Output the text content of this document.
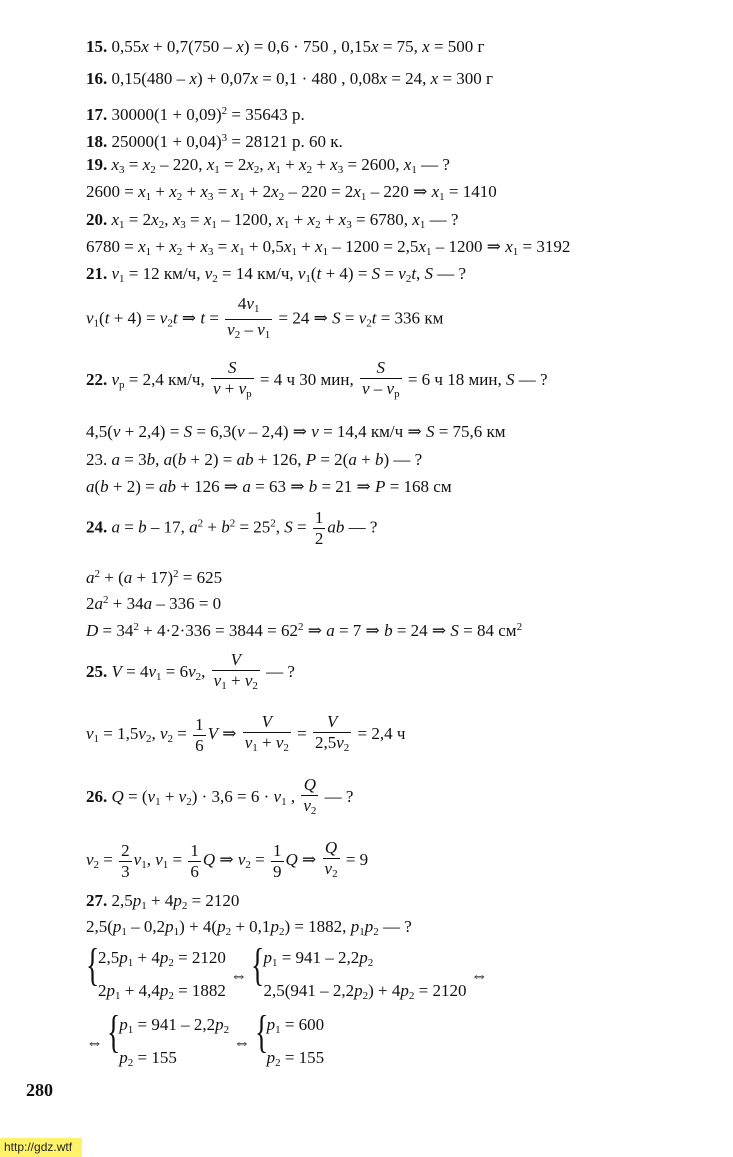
15. 0,55x + 0,7(750 – x) = 0,6 · 750 , 0,15x = 75, x = 500 г
16. 0,15(480 – x) + 0,07x = 0,1 · 480 , 0,08x = 24, x = 300 г
17. $30000(1 + 0,09)^2 = 35643$ р.
18. $25000(1 + 0,04)^3 = 28121$ р. 60 к.
19. $x_3 = x_2 - 220$, $x_1 = 2x_2$, $x_1 + x_2 + x_3 = 2600$, $x_1$ — ?
$2600 = x_1 + x_2 + x_3 = x_1 + 2x_2 - 220 = 2x_1 - 220$ ⇒ $x_1 = 1410$
20. $x_1 = 2x_2$, $x_3 = x_1 - 1200$, $x_1 + x_2 + x_3 = 6780$, $x_1$ — ?
$6780 = x_1 + x_2 + x_3 = x_1 + 0,5x_1 + x_1 - 1200 = 2,5x_1 - 1200$ ⇒ $x_1 = 3192$
21. $v_1 = 12$ км/ч, $v_2 = 14$ км/ч, $v_1(t + 4) = S = v_2t$, S — ?
$v_1(t + 4) = v_2t$ ⇒ $t = \frac{4v_1}{v_2 - v_1} = 24$ ⇒ $S = v_2t = 336$ км
22. $v_р = 2,4$ км/ч,
S
$v + v_р$
= 4 ч 30 мин,
S
v – $v_р$
= 6 ч 18 мин, S — ?
4,5(v + 2,4) = S = 6,3(v – 2,4) ⇒ v = 14,4 км/ч ⇒ S = 75,6 км
23. a = 3b, a(b + 2) = ab + 126, P = 2(a + b) — ?
a(b + 2) = ab + 126 ⇒ a = 63 ⇒ b = 21 ⇒ P = 168 см
24. a = b – 17, $a^2 + b^2 = 25^2$, $S = \frac{1}{2}$ ab — ?
$a^2 + (a + 17)^2 = 625$
$2a^2 + 34a - 336 = 0$
$D = 34^2 + 4\cdot 2\cdot 336 = 3844 = 62^2$ ⇒ a = 7 ⇒ b = 24 ⇒ S = 84 $см^2$
25. $V = 4v_1 = 6v_2$, $\frac{V}{v_1 + v_2}$ — ?
$v_1 = 1,5v_2$, $v_2 = \frac{1}{6}$ V ⇒ $\frac{V}{v_1 + v_2} = \frac{V}{2,5v_2} = 2,4$ ч
26. $Q = (v_1 + v_2) \cdot 3,6 = 6 \cdot v_1$ , $\frac{Q}{v_2}$ — ?
$v_2 = \frac{2}{3} v_1$, $v_1 = \frac{1}{6}$ Q ⇒ $v_2 = \frac{1}{9}$ Q ⇒ $\frac{Q}{v_2} = 9$
27. $2,5p_1 + 4p_2 = 2120$
$2,5(p_1 - 0,2p_1) + 4(p_2 + 0,1p_2) = 1882$, $p_1p_2$ — ?
{
$2,5p_1 + 4p_2 = 2120$
$2p_1 + 4,4p_2 = 1882$
⇔ {
$p_1 = 941 - 2,2p_2$
$2,5(941 - 2,2p_2) + 4p_2 = 2120$
⇔
⇔ {
$p_1 = 941 - 2,2p_2$
$p_2 = 155$
⇔ {
$p_1 = 600$
$p_2 = 155$
280
http://gdz.wtf
